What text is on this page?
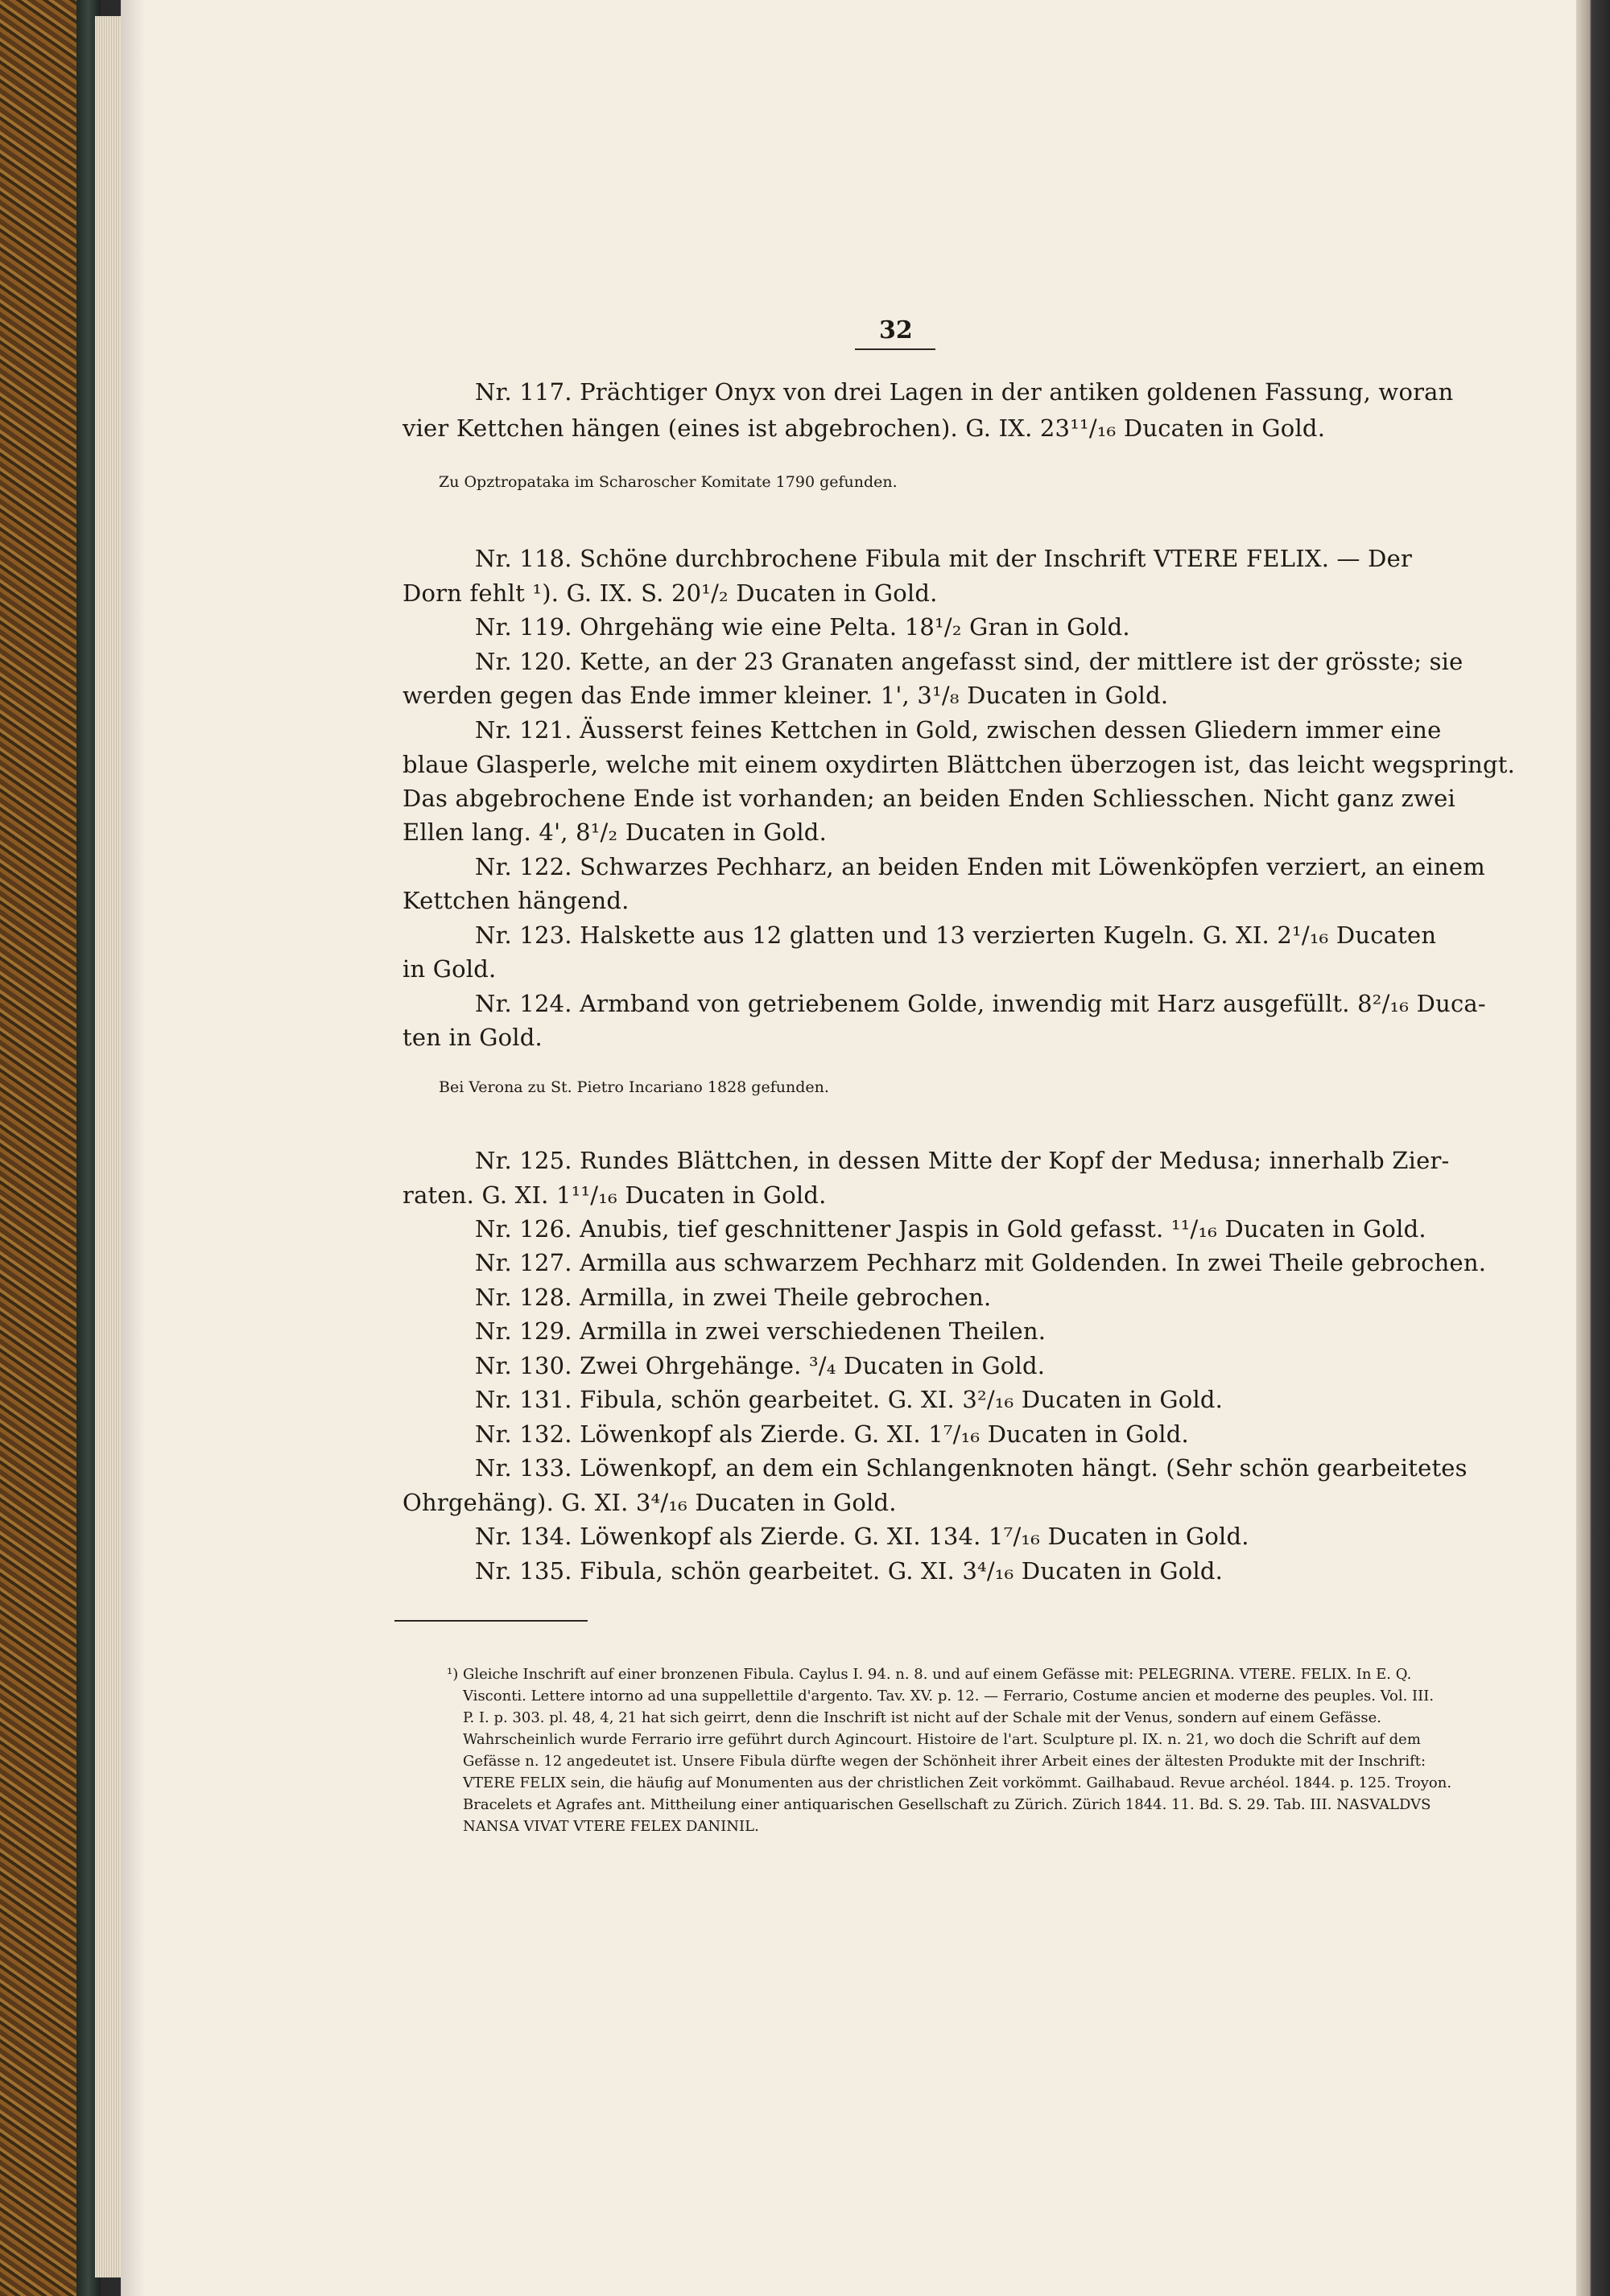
32
Nr. 117. Prächtiger Onyx von drei Lagen in der antiken goldenen Fassung, woran
vier Kettchen hängen (eines ist abgebrochen). G. IX. 23¹¹/₁₆ Ducaten in Gold.
Zu Opztropataka im Scharoscher Komitate 1790 gefunden.
Nr. 118. Schöne durchbrochene Fibula mit der Inschrift VTERE FELIX. — Der
Dorn fehlt ¹). G. IX. S. 20¹/₂ Ducaten in Gold.
Nr. 119. Ohrgehäng wie eine Pelta. 18¹/₂ Gran in Gold.
Nr. 120. Kette, an der 23 Granaten angefasst sind, der mittlere ist der grösste; sie
werden gegen das Ende immer kleiner. 1', 3¹/₈ Ducaten in Gold.
Nr. 121. Äusserst feines Kettchen in Gold, zwischen dessen Gliedern immer eine
blaue Glasperle, welche mit einem oxydirten Blättchen überzogen ist, das leicht wegspringt.
Das abgebrochene Ende ist vorhanden; an beiden Enden Schliesschen. Nicht ganz zwei
Ellen lang. 4', 8¹/₂ Ducaten in Gold.
Nr. 122. Schwarzes Pechharz, an beiden Enden mit Löwenköpfen verziert, an einem
Kettchen hängend.
Nr. 123. Halskette aus 12 glatten und 13 verzierten Kugeln. G. XI. 2¹/₁₆ Ducaten
in Gold.
Nr. 124. Armband von getriebenem Golde, inwendig mit Harz ausgefüllt. 8²/₁₆ Duca-
ten in Gold.
Bei Verona zu St. Pietro Incariano 1828 gefunden.
Nr. 125. Rundes Blättchen, in dessen Mitte der Kopf der Medusa; innerhalb Zier-
raten. G. XI. 1¹¹/₁₆ Ducaten in Gold.
Nr. 126. Anubis, tief geschnittener Jaspis in Gold gefasst. ¹¹/₁₆ Ducaten in Gold.
Nr. 127. Armilla aus schwarzem Pechharz mit Goldenden. In zwei Theile gebrochen.
Nr. 128. Armilla, in zwei Theile gebrochen.
Nr. 129. Armilla in zwei verschiedenen Theilen.
Nr. 130. Zwei Ohrgehänge. ³/₄ Ducaten in Gold.
Nr. 131. Fibula, schön gearbeitet. G. XI. 3²/₁₆ Ducaten in Gold.
Nr. 132. Löwenkopf als Zierde. G. XI. 1⁷/₁₆ Ducaten in Gold.
Nr. 133. Löwenkopf, an dem ein Schlangenknoten hängt. (Sehr schön gearbeitetes
Ohrgehäng). G. XI. 3⁴/₁₆ Ducaten in Gold.
Nr. 134. Löwenkopf als Zierde. G. XI. 134. 1⁷/₁₆ Ducaten in Gold.
Nr. 135. Fibula, schön gearbeitet. G. XI. 3⁴/₁₆ Ducaten in Gold.
¹) Gleiche Inschrift auf einer bronzenen Fibula. Caylus I. 94. n. 8. und auf einem Gefässe mit: PELEGRINA. VTERE. FELIX. In E. Q.
Visconti. Lettere intorno ad una suppellettile d'argento. Tav. XV. p. 12. — Ferrario, Costume ancien et moderne des peuples. Vol. III.
P. I. p. 303. pl. 48, 4, 21 hat sich geirrt, denn die Inschrift ist nicht auf der Schale mit der Venus, sondern auf einem Gefässe.
Wahrscheinlich wurde Ferrario irre geführt durch Agincourt. Histoire de l'art. Sculpture pl. IX. n. 21, wo doch die Schrift auf dem
Gefässe n. 12 angedeutet ist. Unsere Fibula dürfte wegen der Schönheit ihrer Arbeit eines der ältesten Produkte mit der Inschrift:
VTERE FELIX sein, die häufig auf Monumenten aus der christlichen Zeit vorkömmt. Gailhabaud. Revue archéol. 1844. p. 125. Troyon.
Bracelets et Agrafes ant. Mittheilung einer antiquarischen Gesellschaft zu Zürich. Zürich 1844. 11. Bd. S. 29. Tab. III. NASVALDVS
NANSA VIVAT VTERE FELEX DANINIL.
